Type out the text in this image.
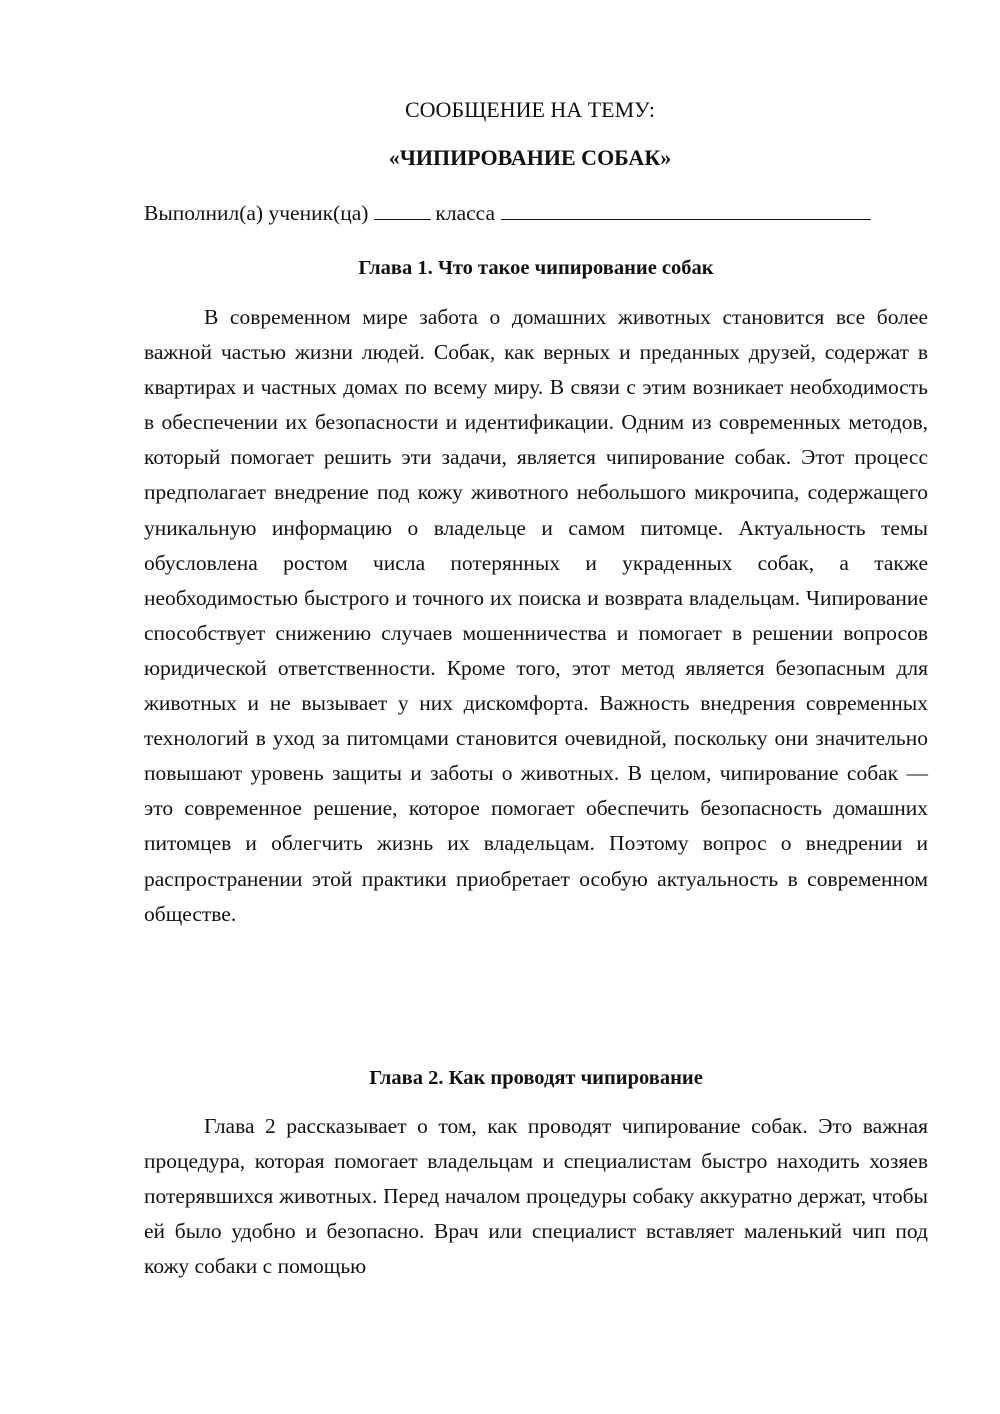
СООБЩЕНИЕ НА ТЕМУ:
«ЧИПИРОВАНИЕ СОБАК»
Выполнил(а) ученик(ца)	класса
Глава 1. Что такое чипирование собак

В современном мире забота о домашних животных становится все более важной частью жизни людей. Собак, как верных и преданных друзей, содержат в квартирах и частных домах по всему миру. В связи с этим возникает необходимость в обеспечении их безопасности и идентификации. Одним из современных методов, который помогает решить эти задачи, является чипирование собак. Этот процесс предполагает внедрение под кожу животного небольшого микрочипа, содержащего уникальную информацию о владельце и самом питомце. Актуальность темы обусловлена ростом числа потерянных и украденных собак, а также необходимостью быстрого и точного их поиска и возврата владельцам. Чипирование способствует снижению случаев мошенничества и помогает в решении вопросов юридической ответственности. Кроме того, этот метод является безопасным для животных и не вызывает у них дискомфорта. Важность внедрения современных технологий в уход за питомцами становится очевидной, поскольку они значительно повышают уровень защиты и заботы о животных. В целом, чипирование собак — это современное решение, которое помогает обеспечить безопасность домашних питомцев и облегчить жизнь их владельцам. Поэтому вопрос о внедрении и распространении этой практики приобретает особую актуальность в современном обществе.

Глава 2. Как проводят чипирование

Глава 2 рассказывает о том, как проводят чипирование собак. Это важная процедура, которая помогает владельцам и специалистам быстро находить хозяев потерявшихся животных. Перед началом процедуры собаку аккуратно держат, чтобы ей было удобно и безопасно. Врач или специалист вставляет маленький чип под кожу собаки с помощью
